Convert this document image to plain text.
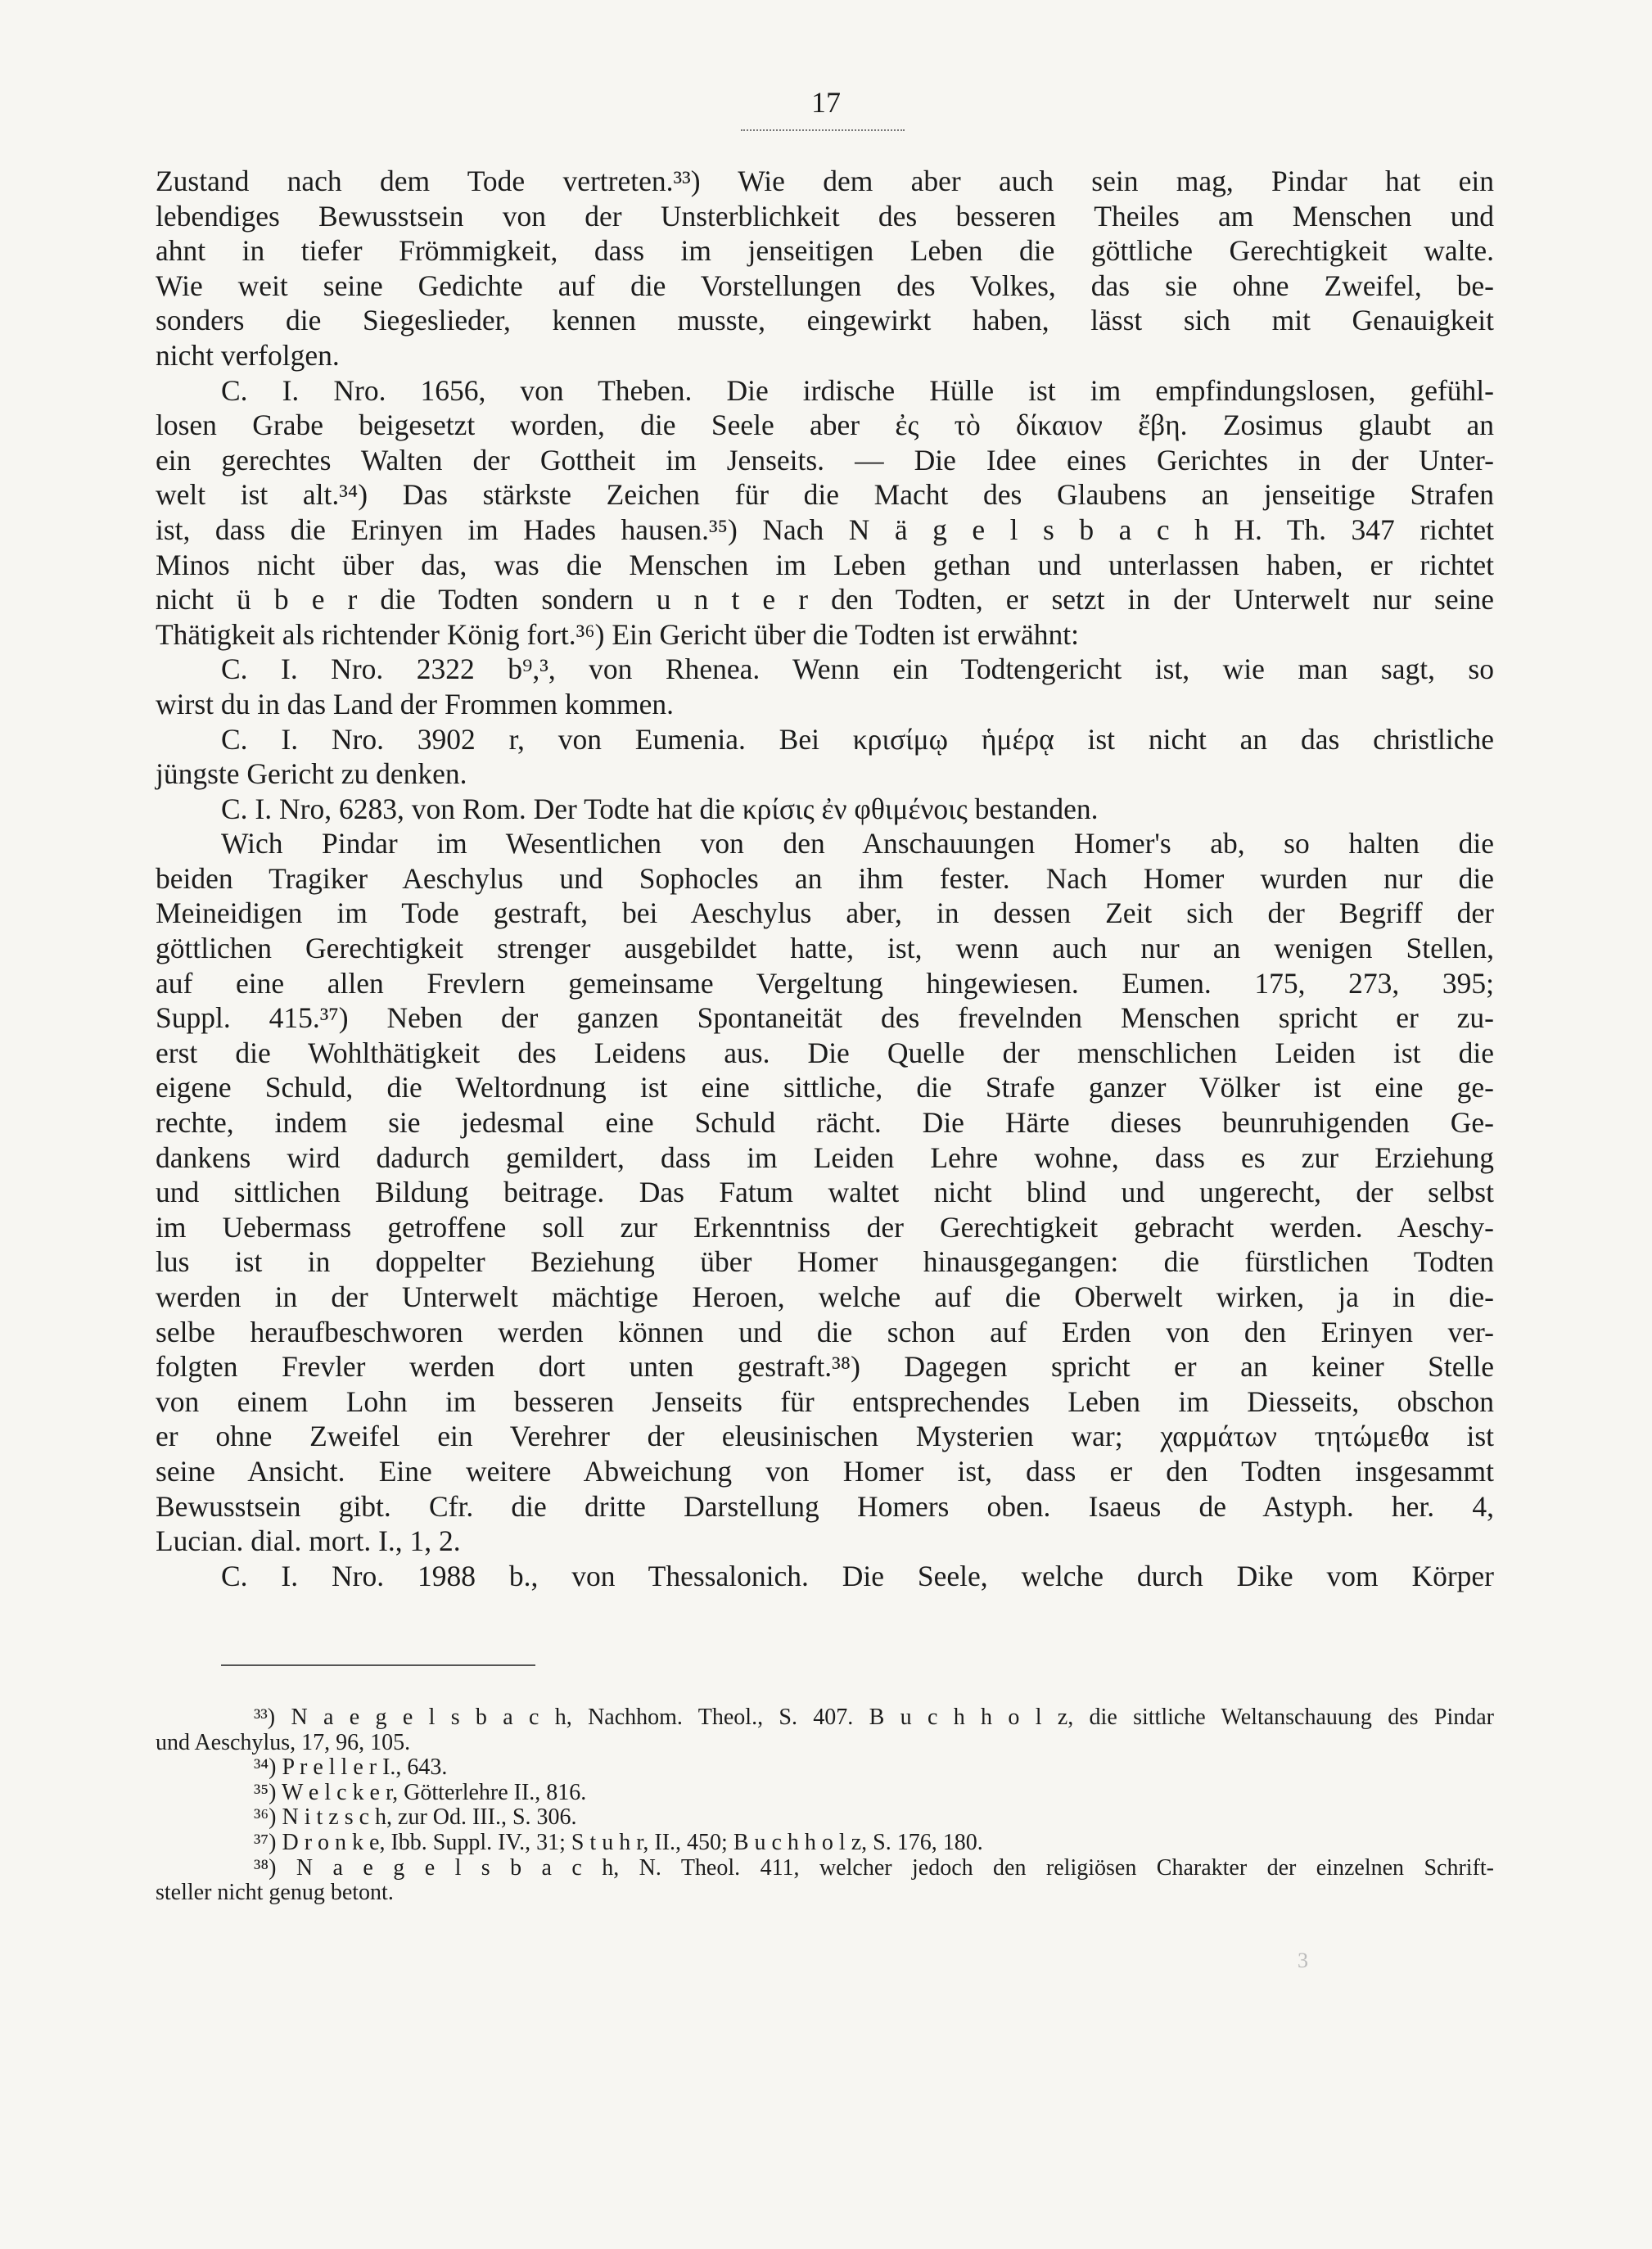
17
Zustand nach dem Tode vertreten.³³) Wie dem aber auch sein mag, Pindar hat ein
lebendiges Bewusstsein von der Unsterblichkeit des besseren Theiles am Menschen und
ahnt in tiefer Frömmigkeit, dass im jenseitigen Leben die göttliche Gerechtigkeit walte.
Wie weit seine Gedichte auf die Vorstellungen des Volkes, das sie ohne Zweifel, be-
sonders die Siegeslieder, kennen musste, eingewirkt haben, lässt sich mit Genauigkeit
nicht verfolgen.
C. I. Nro. 1656, von Theben. Die irdische Hülle ist im empfindungslosen, gefühl-
losen Grabe beigesetzt worden, die Seele aber ἐς τὸ δίκαιον ἔβη. Zosimus glaubt an
ein gerechtes Walten der Gottheit im Jenseits. — Die Idee eines Gerichtes in der Unter-
welt ist alt.³⁴) Das stärkste Zeichen für die Macht des Glaubens an jenseitige Strafen
ist, dass die Erinyen im Hades hausen.³⁵) Nach N ä g e l s b a c h H. Th. 347 richtet
Minos nicht über das, was die Menschen im Leben gethan und unterlassen haben, er richtet
nicht ü b e r die Todten sondern u n t e r den Todten, er setzt in der Unterwelt nur seine
Thätigkeit als richtender König fort.³⁶) Ein Gericht über die Todten ist erwähnt:
C. I. Nro. 2322 b⁹,³, von Rhenea. Wenn ein Todtengericht ist, wie man sagt, so
wirst du in das Land der Frommen kommen.
C. I. Nro. 3902 r, von Eumenia. Bei κρισίμῳ ἡμέρᾳ ist nicht an das christliche
jüngste Gericht zu denken.
C. I. Nro, 6283, von Rom. Der Todte hat die κρίσις ἐν φθιμένοις bestanden.
Wich Pindar im Wesentlichen von den Anschauungen Homer's ab, so halten die
beiden Tragiker Aeschylus und Sophocles an ihm fester. Nach Homer wurden nur die
Meineidigen im Tode gestraft, bei Aeschylus aber, in dessen Zeit sich der Begriff der
göttlichen Gerechtigkeit strenger ausgebildet hatte, ist, wenn auch nur an wenigen Stellen,
auf eine allen Frevlern gemeinsame Vergeltung hingewiesen. Eumen. 175, 273, 395;
Suppl. 415.³⁷) Neben der ganzen Spontaneität des frevelnden Menschen spricht er zu-
erst die Wohlthätigkeit des Leidens aus. Die Quelle der menschlichen Leiden ist die
eigene Schuld, die Weltordnung ist eine sittliche, die Strafe ganzer Völker ist eine ge-
rechte, indem sie jedesmal eine Schuld rächt. Die Härte dieses beunruhigenden Ge-
dankens wird dadurch gemildert, dass im Leiden Lehre wohne, dass es zur Erziehung
und sittlichen Bildung beitrage. Das Fatum waltet nicht blind und ungerecht, der selbst
im Uebermass getroffene soll zur Erkenntniss der Gerechtigkeit gebracht werden. Aeschy-
lus ist in doppelter Beziehung über Homer hinausgegangen: die fürstlichen Todten
werden in der Unterwelt mächtige Heroen, welche auf die Oberwelt wirken, ja in die-
selbe heraufbeschworen werden können und die schon auf Erden von den Erinyen ver-
folgten Frevler werden dort unten gestraft.³⁸) Dagegen spricht er an keiner Stelle
von einem Lohn im besseren Jenseits für entsprechendes Leben im Diesseits, obschon
er ohne Zweifel ein Verehrer der eleusinischen Mysterien war; χαρμάτων τητώμεθα ist
seine Ansicht. Eine weitere Abweichung von Homer ist, dass er den Todten insgesammt
Bewusstsein gibt. Cfr. die dritte Darstellung Homers oben. Isaeus de Astyph. her. 4,
Lucian. dial. mort. I., 1, 2.
C. I. Nro. 1988 b., von Thessalonich. Die Seele, welche durch Dike vom Körper
³³) N a e g e l s b a c h, Nachhom. Theol., S. 407. B u c h h o l z, die sittliche Weltanschauung des Pindar
und Aeschylus, 17, 96, 105.
³⁴) P r e l l e r I., 643.
³⁵) W e l c k e r, Götterlehre II., 816.
³⁶) N i t z s c h, zur Od. III., S. 306.
³⁷) D r o n k e, Ibb. Suppl. IV., 31; S t u h r, II., 450; B u c h h o l z, S. 176, 180.
³⁸) N a e g e l s b a c h, N. Theol. 411, welcher jedoch den religiösen Charakter der einzelnen Schrift-
steller nicht genug betont.
3
